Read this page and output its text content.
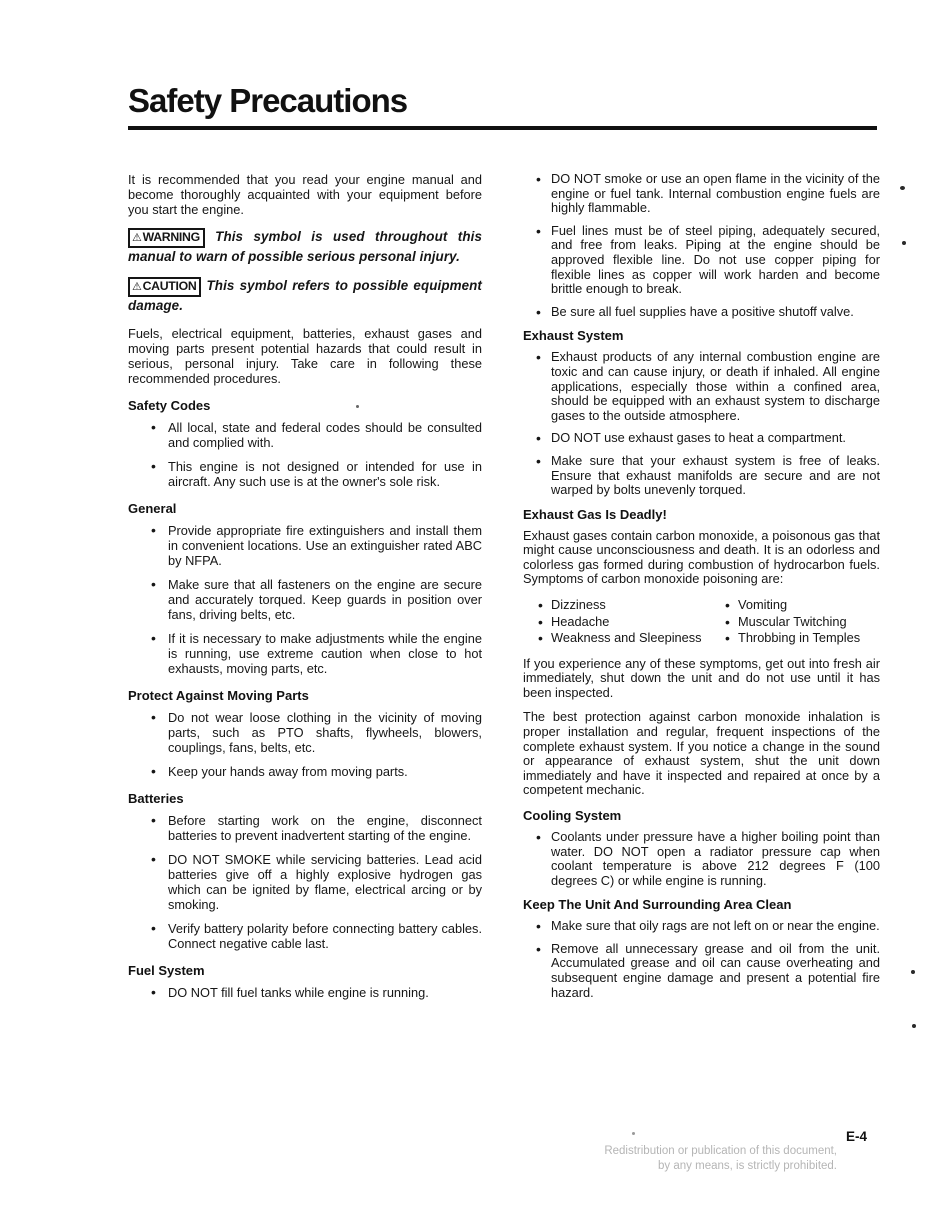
Safety Precautions

It is recommended that you read your engine manual and become thoroughly acquainted with your equipment before you start the engine.

⚠WARNING This symbol is used throughout this manual to warn of possible serious personal injury.

⚠CAUTION This symbol refers to possible equipment damage.

Fuels, electrical equipment, batteries, exhaust gases and moving parts present potential hazards that could result in serious, personal injury. Take care in following these recommended procedures.

Safety Codes
• All local, state and federal codes should be consulted and complied with.
• This engine is not designed or intended for use in aircraft. Any such use is at the owner's sole risk.
General
• Provide appropriate fire extinguishers and install them in convenient locations. Use an extinguisher rated ABC by NFPA.
• Make sure that all fasteners on the engine are secure and accurately torqued. Keep guards in position over fans, driving belts, etc.
• If it is necessary to make adjustments while the engine is running, use extreme caution when close to hot exhausts, moving parts, etc.
Protect Against Moving Parts
• Do not wear loose clothing in the vicinity of moving parts, such as PTO shafts, flywheels, blowers, couplings, fans, belts, etc.
• Keep your hands away from moving parts.
Batteries
• Before starting work on the engine, disconnect batteries to prevent inadvertent starting of the engine.
• DO NOT SMOKE while servicing batteries. Lead acid batteries give off a highly explosive hydrogen gas which can be ignited by flame, electrical arcing or by smoking.
• Verify battery polarity before connecting battery cables. Connect negative cable last.
Fuel System
• DO NOT fill fuel tanks while engine is running.
• DO NOT smoke or use an open flame in the vicinity of the engine or fuel tank. Internal combustion engine fuels are highly flammable.
• Fuel lines must be of steel piping, adequately secured, and free from leaks. Piping at the engine should be approved flexible line. Do not use copper piping for flexible lines as copper will work harden and become brittle enough to break.
• Be sure all fuel supplies have a positive shutoff valve.
Exhaust System
• Exhaust products of any internal combustion engine are toxic and can cause injury, or death if inhaled. All engine applications, especially those within a confined area, should be equipped with an exhaust system to discharge gases to the outside atmosphere.
• DO NOT use exhaust gases to heat a compartment.
• Make sure that your exhaust system is free of leaks. Ensure that exhaust manifolds are secure and are not warped by bolts unevenly torqued.
Exhaust Gas Is Deadly!

Exhaust gases contain carbon monoxide, a poisonous gas that might cause unconsciousness and death. It is an odorless and colorless gas formed during combustion of hydrocarbon fuels. Symptoms of carbon monoxide poisoning are:

• Dizziness	• Vomiting
• Headache	• Muscular Twitching
• Weakness and Sleepiness	• Throbbing in Temples

If you experience any of these symptoms, get out into fresh air immediately, shut down the unit and do not use until it has been inspected.

The best protection against carbon monoxide inhalation is proper installation and regular, frequent inspections of the complete exhaust system. If you notice a change in the sound or appearance of exhaust system, shut the unit down immediately and have it inspected and repaired at once by a competent mechanic.

Cooling System
• Coolants under pressure have a higher boiling point than water. DO NOT open a radiator pressure cap when coolant temperature is above 212 degrees F (100 degrees C) or while engine is running.
Keep The Unit And Surrounding Area Clean
• Make sure that oily rags are not left on or near the engine.
• Remove all unnecessary grease and oil from the unit. Accumulated grease and oil can cause overheating and subsequent engine damage and present a potential fire hazard.
E-4
Redistribution or publication of this document,
by any means, is strictly prohibited.
